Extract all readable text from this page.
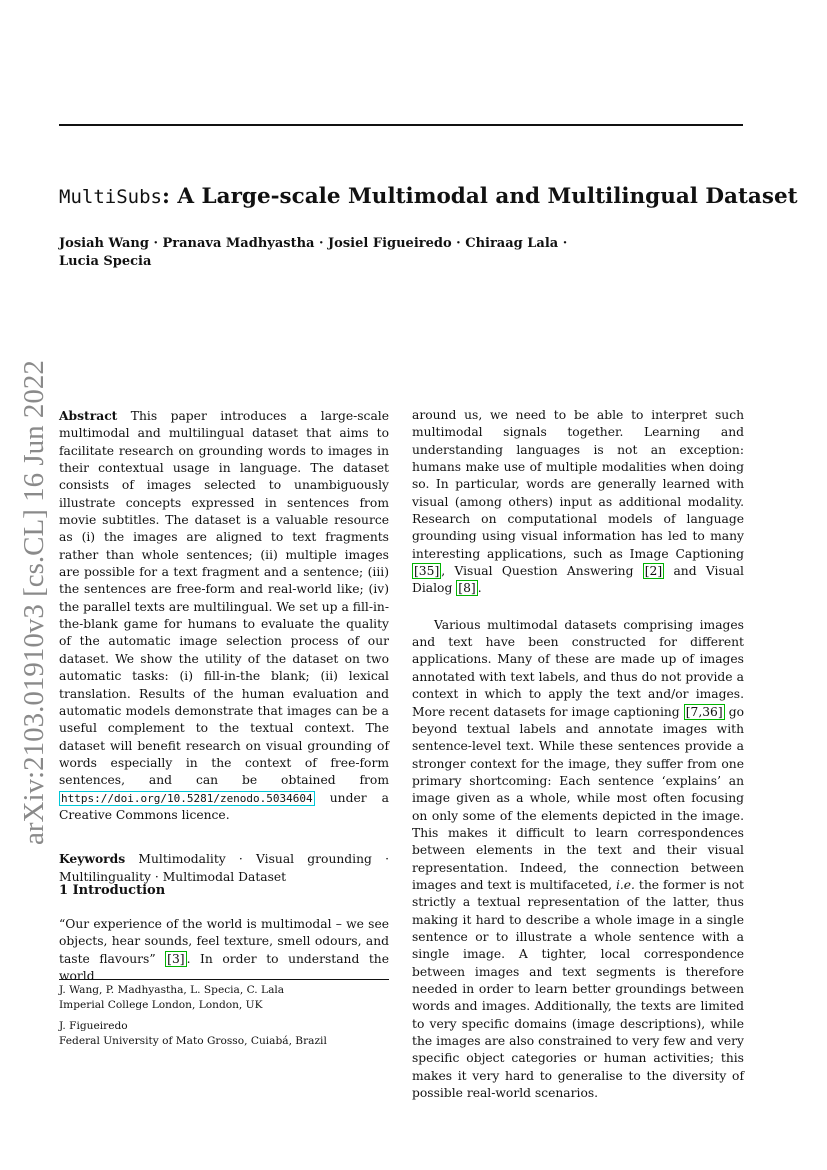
MultiSubs: A Large-scale Multimodal and Multilingual Dataset
Josiah Wang · Pranava Madhyastha · Josiel Figueiredo · Chiraag Lala ·
Lucia Specia
arXiv:2103.01910v3 [cs.CL] 16 Jun 2022 Abstract This paper introduces a large-scale multimodal and multilingual dataset that aims to facilitate research on grounding words to images in their contextual usage in language. The dataset consists of images selected to unambiguously illustrate concepts expressed in sentences from movie subtitles. The dataset is a valuable resource as (i) the images are aligned to text fragments rather than whole sentences; (ii) multiple images are possible for a text fragment and a sentence; (iii) the sentences are free-form and real-world like; (iv) the parallel texts are multilingual. We set up a fill-in-the-blank game for humans to evaluate the quality of the automatic image selection process of our dataset. We show the utility of the dataset on two automatic tasks: (i) fill-in-the blank; (ii) lexical translation. Results of the human evaluation and automatic models demonstrate that images can be a useful complement to the textual context. The dataset will benefit research on visual grounding of words especially in the context of free-form sentences, and can be obtained from https://doi.org/10.5281/zenodo.5034604 under a Creative Commons licence.

Keywords Multimodality · Visual grounding · Multilinguality · Multimodal Dataset

1 Introduction

“Our experience of the world is multimodal – we see objects, hear sounds, feel texture, smell odours, and taste flavours” [3] . In order to understand the world

J. Wang, P. Madhyastha, L. Specia, C. Lala
Imperial College London, London, UK

J. Figueiredo
Federal University of Mato Grosso, Cuiabá, Brazil

around us, we need to be able to interpret such multimodal signals together. Learning and understanding languages is not an exception: humans make use of multiple modalities when doing so. In particular, words are generally learned with visual (among others) input as additional modality. Research on computational models of language grounding using visual information has led to many interesting applications, such as Image Captioning [35] , Visual Question Answering [2] and Visual Dialog [8] .

Various multimodal datasets comprising images and text have been constructed for different applications. Many of these are made up of images annotated with text labels, and thus do not provide a context in which to apply the text and/or images. More recent datasets for image captioning [7,36] go beyond textual labels and annotate images with sentence-level text. While these sentences provide a stronger context for the image, they suffer from one primary shortcoming: Each sentence ‘explains’ an image given as a whole, while most often focusing on only some of the elements depicted in the image. This makes it difficult to learn correspondences between elements in the text and their visual representation. Indeed, the connection between images and text is multifaceted, i.e. the former is not strictly a textual representation of the latter, thus making it hard to describe a whole image in a single sentence or to illustrate a whole sentence with a single image. A tighter, local correspondence between images and text segments is therefore needed in order to learn better groundings between words and images. Additionally, the texts are limited to very specific domains (image descriptions), while the images are also constrained to very few and very specific object categories or human activities; this makes it very hard to generalise to the diversity of possible real-world scenarios.
